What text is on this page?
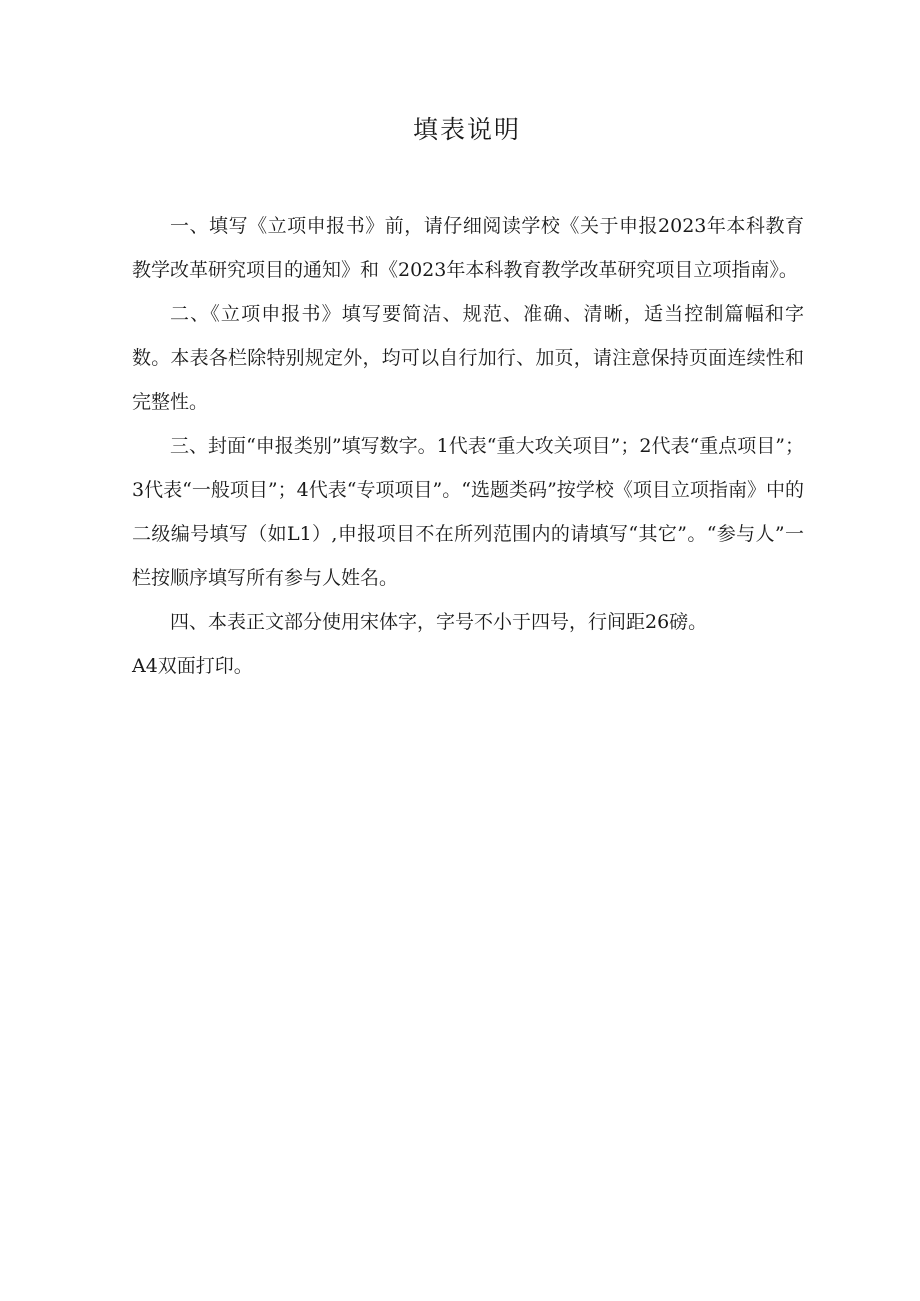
填表说明

一、填写《立项申报书》前，请仔细阅读学校《关于申报2023年本科教育教学改革研究项目的通知》和《2023年本科教育教学改革研究项目立项指南》。

二、《立项申报书》填写要简洁、规范、准确、清晰，适当控制篇幅和字数。本表各栏除特别规定外，均可以自行加行、加页，请注意保持页面连续性和完整性。

三、封面“申报类别”填写数字。1代表“重大攻关项目”；2代表“重点项目”；3代表“一般项目”；4代表“专项项目”。“选题类码”按学校《项目立项指南》中的二级编号填写（如L1）,申报项目不在所列范围内的请填写“其它”。“参与人”一栏按顺序填写所有参与人姓名。

四、本表正文部分使用宋体字，字号不小于四号，行间距26磅。

A4双面打印。
